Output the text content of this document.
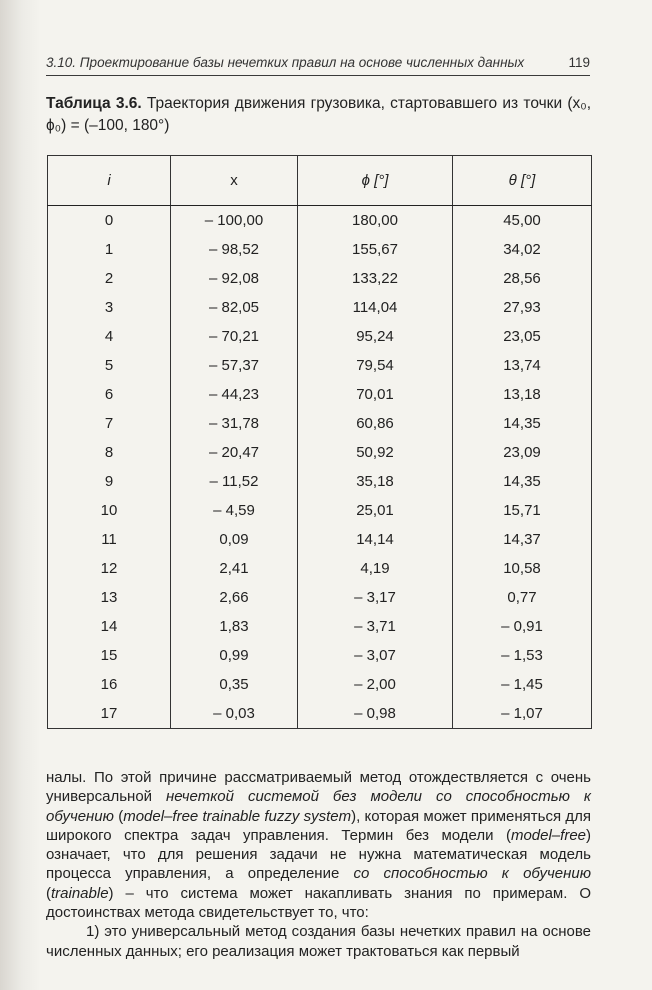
3.10. Проектирование базы нечетких правил на основе численных данных	119
Таблица 3.6. Траектория движения грузовика, стартовавшего из точки (x₀, ϕ₀) = (–100, 180°)
i	x	ϕ [°]	θ [°]
0	– 100,00	180,00	45,00
1	– 98,52	155,67	34,02
2	– 92,08	133,22	28,56
3	– 82,05	114,04	27,93
4	– 70,21	95,24	23,05
5	– 57,37	79,54	13,74
6	– 44,23	70,01	13,18
7	– 31,78	60,86	14,35
8	– 20,47	50,92	23,09
9	– 11,52	35,18	14,35
10	– 4,59	25,01	15,71
11	0,09	14,14	14,37
12	2,41	4,19	10,58
13	2,66	– 3,17	0,77
14	1,83	– 3,71	– 0,91
15	0,99	– 3,07	– 1,53
16	0,35	– 2,00	– 1,45
17	– 0,03	– 0,98	– 1,07

налы. По этой причине рассматриваемый метод отождествляется с очень универсальной нечеткой системой без модели со способностью к обучению (model–free trainable fuzzy system), которая может применяться для широкого спектра задач управления. Термин без модели (model–free) означает, что для решения задачи не нужна математическая модель процесса управления, а определение со способностью к обучению (trainable) – что система может накапливать знания по примерам. О достоинствах метода свидетельствует то, что:

1) это универсальный метод создания базы нечетких правил на основе численных данных; его реализация может трактоваться как первый
